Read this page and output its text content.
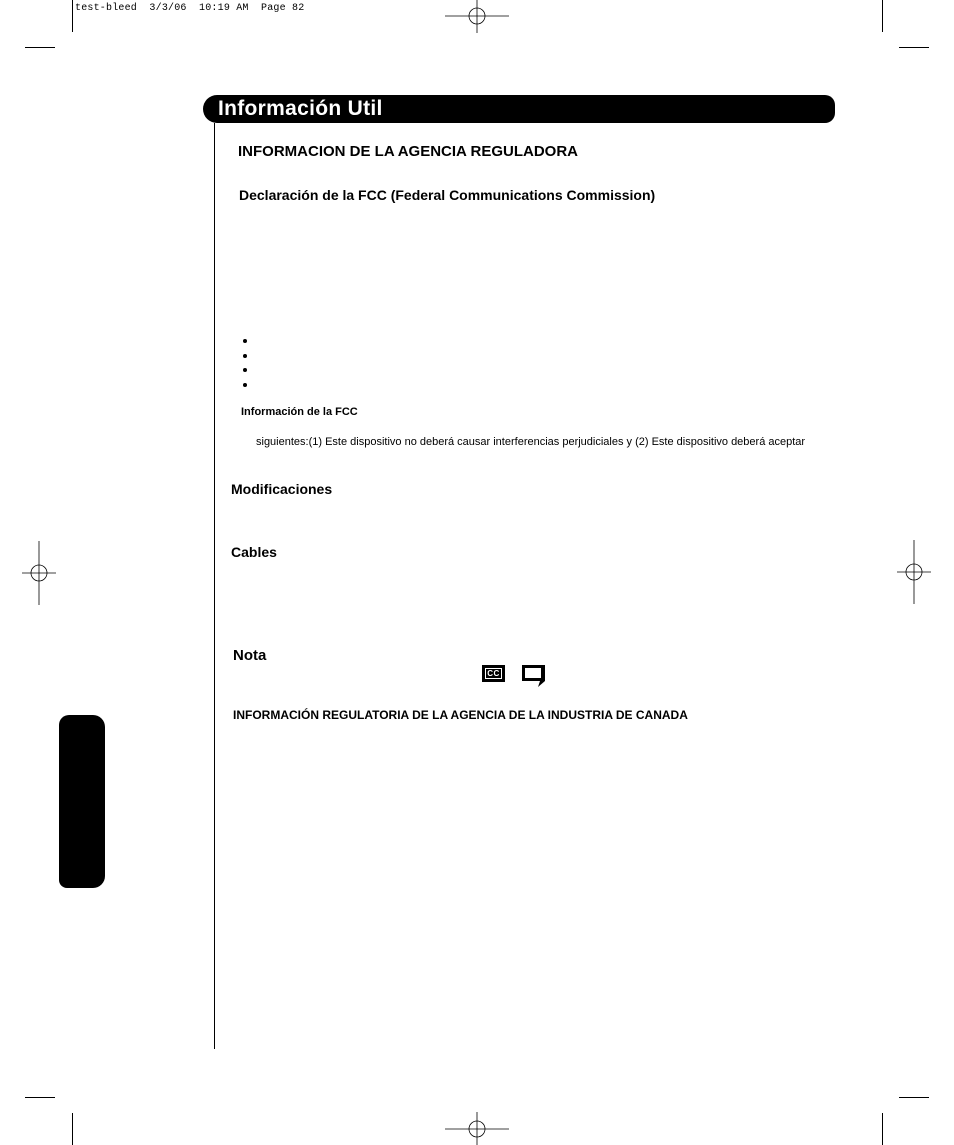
test-bleed  3/3/06  10:19 AM  Page 82
Información Util
INFORMACION DE LA AGENCIA REGULADORA
Declaración de la FCC (Federal Communications Commission)
Información de la FCC
siguientes:(1) Este dispositivo no deberá causar interferencias perjudiciales y (2) Este dispositivo deberá aceptar
Modificaciones
Cables
Nota
CC
INFORMACIÓN REGULATORIA DE LA AGENCIA DE LA INDUSTRIA DE CANADA
